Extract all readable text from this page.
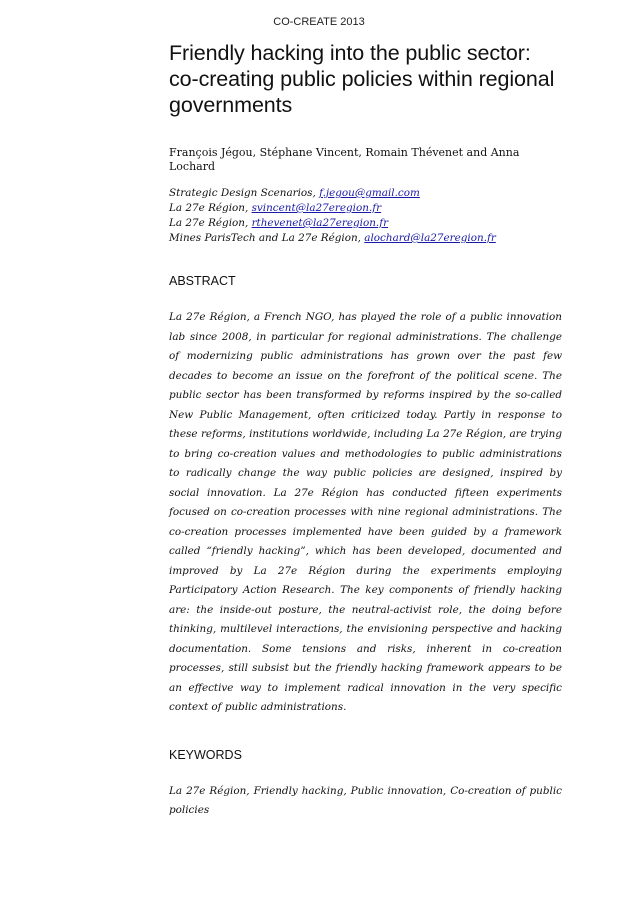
CO-CREATE 2013
Friendly hacking into the public sector: co-creating public policies within regional governments
François Jégou, Stéphane Vincent, Romain Thévenet and Anna Lochard
Strategic Design Scenarios, f.jegou@gmail.com
La 27e Région, svincent@la27eregion.fr
La 27e Région, rthevenet@la27eregion.fr
Mines ParisTech and La 27e Région, alochard@la27eregion.fr
ABSTRACT
La 27e Région, a French NGO, has played the role of a public innovation lab since 2008, in particular for regional administrations. The challenge of modernizing public administrations has grown over the past few decades to become an issue on the forefront of the political scene. The public sector has been transformed by reforms inspired by the so-called New Public Management, often criticized today. Partly in response to these reforms, institutions worldwide, including La 27e Région, are trying to bring co-creation values and methodologies to public administrations to radically change the way public policies are designed, inspired by social innovation. La 27e Région has conducted fifteen experiments focused on co-creation processes with nine regional administrations. The co-creation processes implemented have been guided by a framework called “friendly hacking”, which has been developed, documented and improved by La 27e Région during the experiments employing Participatory Action Research. The key components of friendly hacking are: the inside-out posture, the neutral-activist role, the doing before thinking, multilevel interactions, the envisioning perspective and hacking documentation. Some tensions and risks, inherent in co-creation processes, still subsist but the friendly hacking framework appears to be an effective way to implement radical innovation in the very specific context of public administrations.
KEYWORDS
La 27e Région, Friendly hacking, Public innovation, Co-creation of public policies
